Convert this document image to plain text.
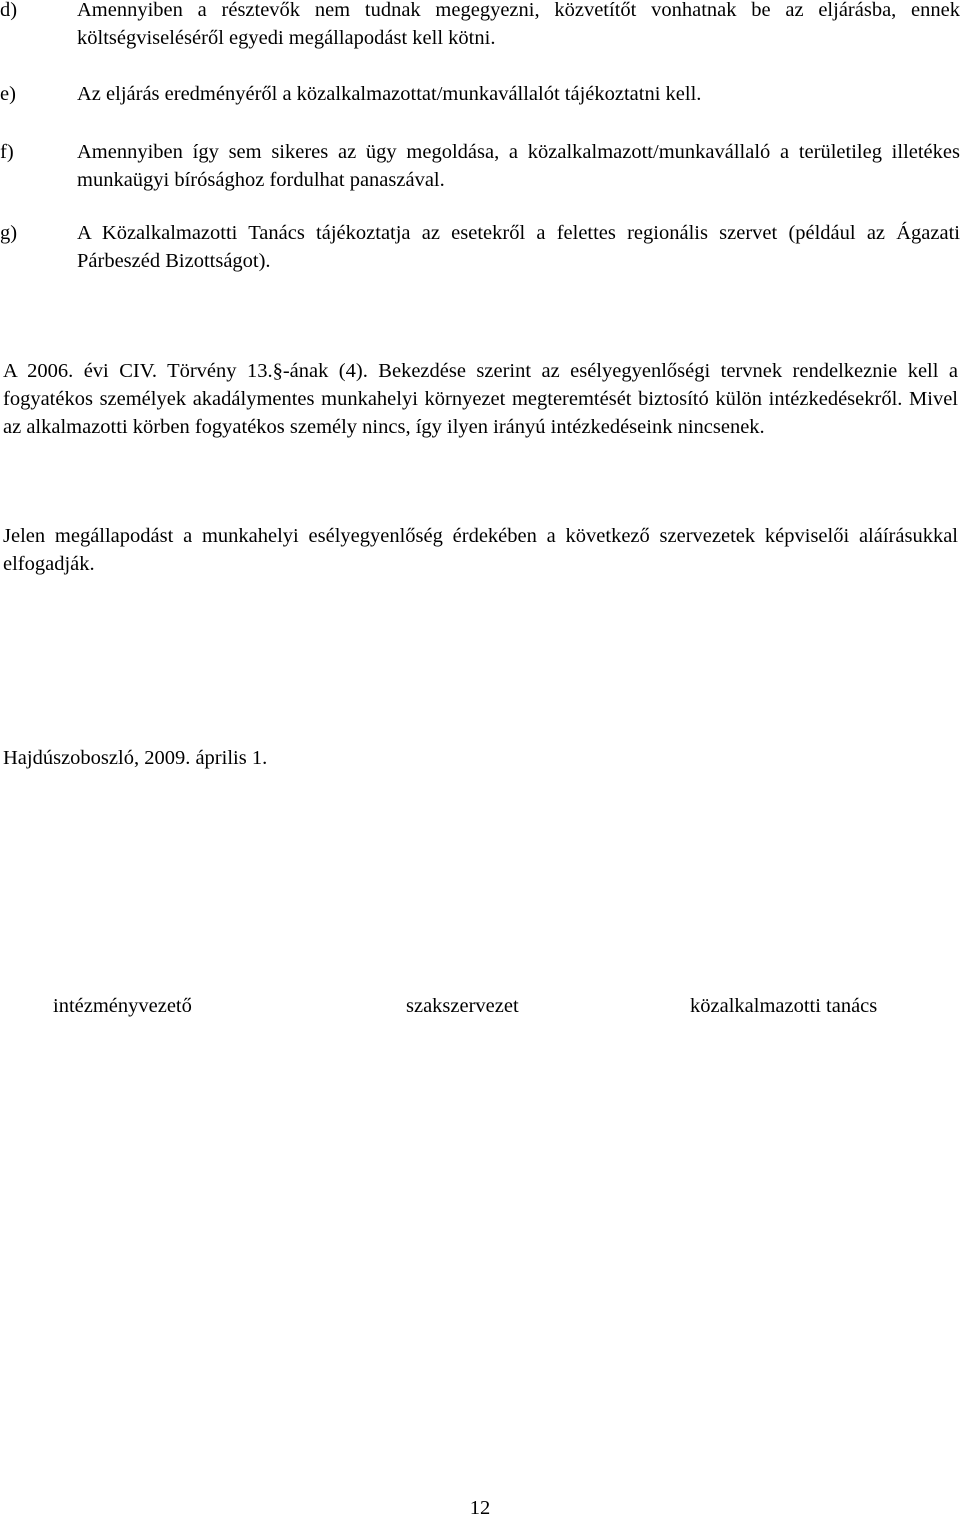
d)	Amennyiben a résztevők nem tudnak megegyezni, közvetítőt vonhatnak be az eljárásba, ennek költségviseléséről egyedi megállapodást kell kötni.
e)	Az eljárás eredményéről a közalkalmazottat/munkavállalót tájékoztatni kell.
f)	Amennyiben így sem sikeres az ügy megoldása, a közalkalmazott/munkavállaló a területileg illetékes munkaügyi bírósághoz fordulhat panaszával.
g)	A Közalkalmazotti Tanács tájékoztatja az esetekről a felettes regionális szervet (például az Ágazati Párbeszéd Bizottságot).
A 2006. évi CIV. Törvény 13.§-ának (4). Bekezdése szerint az esélyegyenlőségi tervnek rendelkeznie kell a fogyatékos személyek akadálymentes munkahelyi környezet megteremtését biztosító külön intézkedésekről. Mivel az alkalmazotti körben fogyatékos személy nincs, így ilyen irányú intézkedéseink nincsenek.
Jelen megállapodást a munkahelyi esélyegyenlőség érdekében a következő szervezetek képviselői aláírásukkal elfogadják.
Hajdúszoboszló, 2009. április 1.
intézményvezető	szakszervezet	közalkalmazotti tanács
12
